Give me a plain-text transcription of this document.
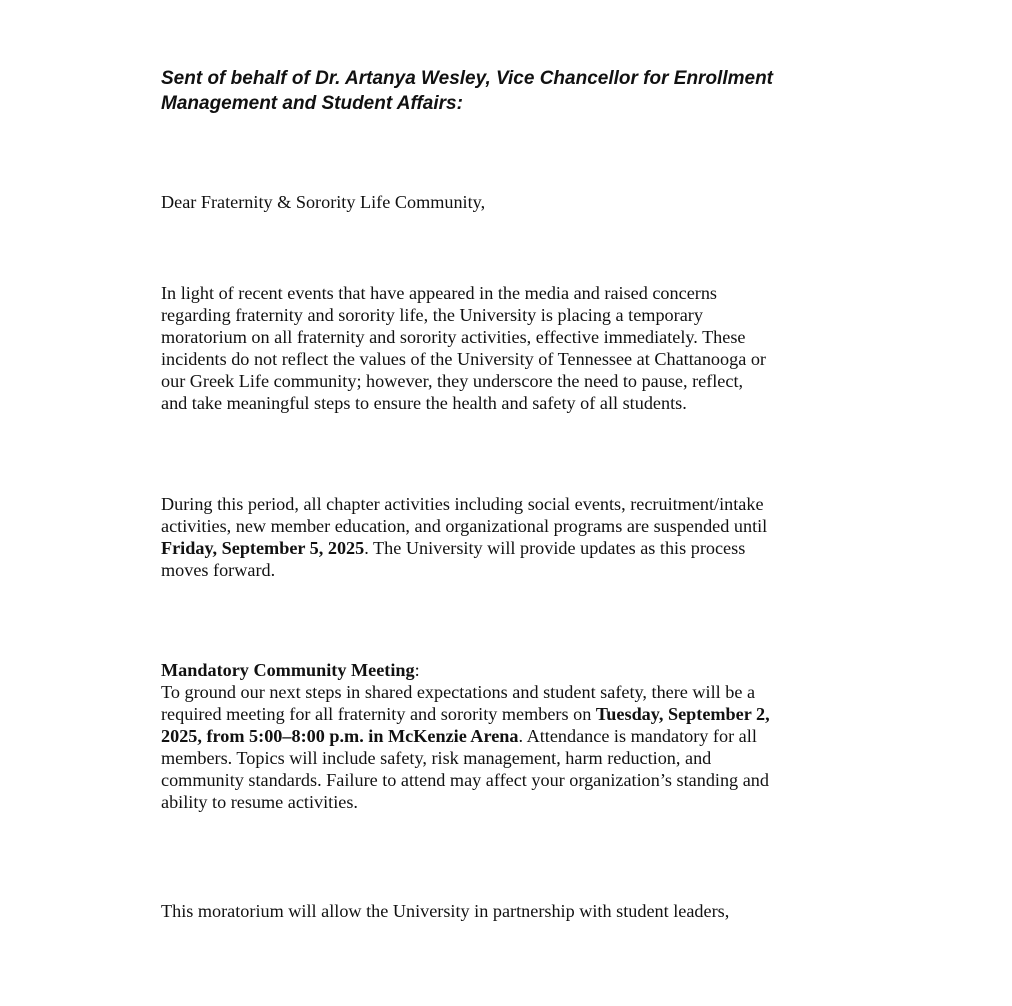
Sent of behalf of Dr. Artanya Wesley, Vice Chancellor for Enrollment
Management and Student Affairs:
Dear Fraternity & Sorority Life Community,
In light of recent events that have appeared in the media and raised concerns
regarding fraternity and sorority life, the University is placing a temporary
moratorium on all fraternity and sorority activities, effective immediately. These
incidents do not reflect the values of the University of Tennessee at Chattanooga or
our Greek Life community; however, they underscore the need to pause, reflect,
and take meaningful steps to ensure the health and safety of all students.
During this period, all chapter activities including social events, recruitment/intake
activities, new member education, and organizational programs are suspended until
Friday, September 5, 2025. The University will provide updates as this process
moves forward.
Mandatory Community Meeting:
To ground our next steps in shared expectations and student safety, there will be a
required meeting for all fraternity and sorority members on Tuesday, September 2,
2025, from 5:00–8:00 p.m. in McKenzie Arena. Attendance is mandatory for all
members. Topics will include safety, risk management, harm reduction, and
community standards. Failure to attend may affect your organization’s standing and
ability to resume activities.
This moratorium will allow the University in partnership with student leaders,
